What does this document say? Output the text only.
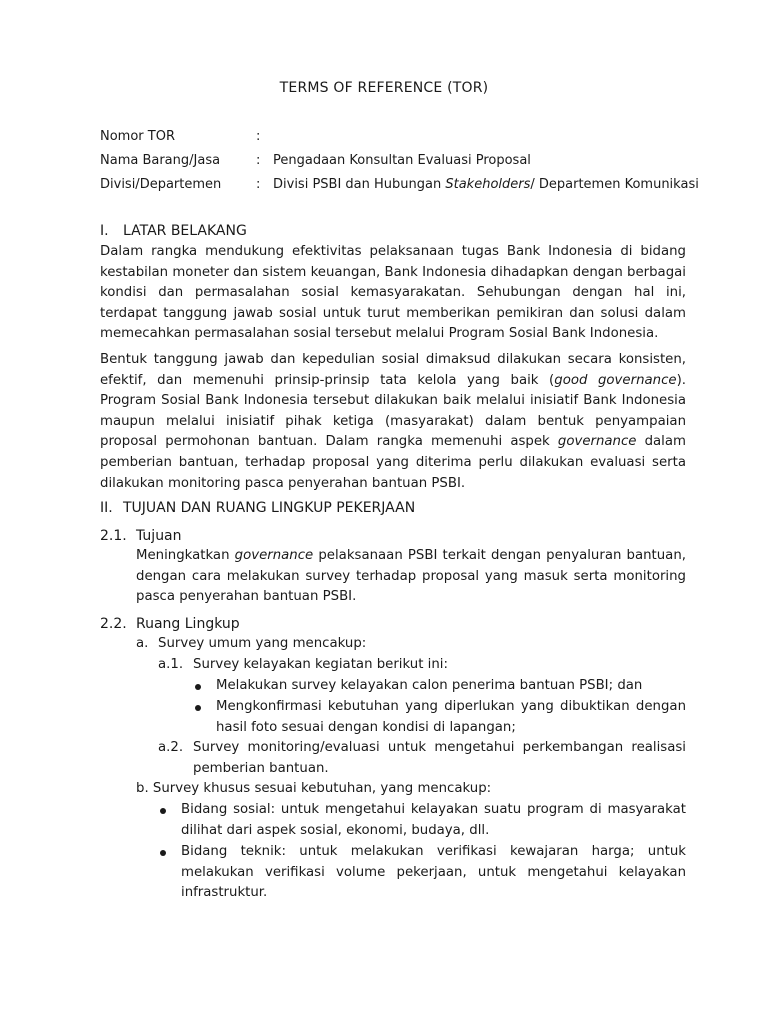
TERMS OF REFERENCE (TOR)
Nomor TOR	:
Nama Barang/Jasa	: Pengadaan Konsultan Evaluasi Proposal
Divisi/Departemen	: Divisi PSBI dan Hubungan Stakeholders/ Departemen Komunikasi
I. LATAR BELAKANG
Dalam rangka mendukung efektivitas pelaksanaan tugas Bank Indonesia di bidang kestabilan moneter dan sistem keuangan, Bank Indonesia dihadapkan dengan berbagai kondisi dan permasalahan sosial kemasyarakatan. Sehubungan dengan hal ini, terdapat tanggung jawab sosial untuk turut memberikan pemikiran dan solusi dalam memecahkan permasalahan sosial tersebut melalui Program Sosial Bank Indonesia.
Bentuk tanggung jawab dan kepedulian sosial dimaksud dilakukan secara konsisten, efektif, dan memenuhi prinsip-prinsip tata kelola yang baik (good governance). Program Sosial Bank Indonesia tersebut dilakukan baik melalui inisiatif Bank Indonesia maupun melalui inisiatif pihak ketiga (masyarakat) dalam bentuk penyampaian proposal permohonan bantuan. Dalam rangka memenuhi aspek governance dalam pemberian bantuan, terhadap proposal yang diterima perlu dilakukan evaluasi serta dilakukan monitoring pasca penyerahan bantuan PSBI.
II. TUJUAN DAN RUANG LINGKUP PEKERJAAN
2.1. Tujuan
Meningkatkan governance pelaksanaan PSBI terkait dengan penyaluran bantuan, dengan cara melakukan survey terhadap proposal yang masuk serta monitoring pasca penyerahan bantuan PSBI.
2.2. Ruang Lingkup
a. Survey umum yang mencakup:
a.1. Survey kelayakan kegiatan berikut ini:
Melakukan survey kelayakan calon penerima bantuan PSBI; dan
Mengkonfirmasi kebutuhan yang diperlukan yang dibuktikan dengan hasil foto sesuai dengan kondisi di lapangan;
a.2. Survey monitoring/evaluasi untuk mengetahui perkembangan realisasi pemberian bantuan.
b. Survey khusus sesuai kebutuhan, yang mencakup:
Bidang sosial: untuk mengetahui kelayakan suatu program di masyarakat dilihat dari aspek sosial, ekonomi, budaya, dll.
Bidang teknik: untuk melakukan verifikasi kewajaran harga; untuk melakukan verifikasi volume pekerjaan, untuk mengetahui kelayakan infrastruktur.
